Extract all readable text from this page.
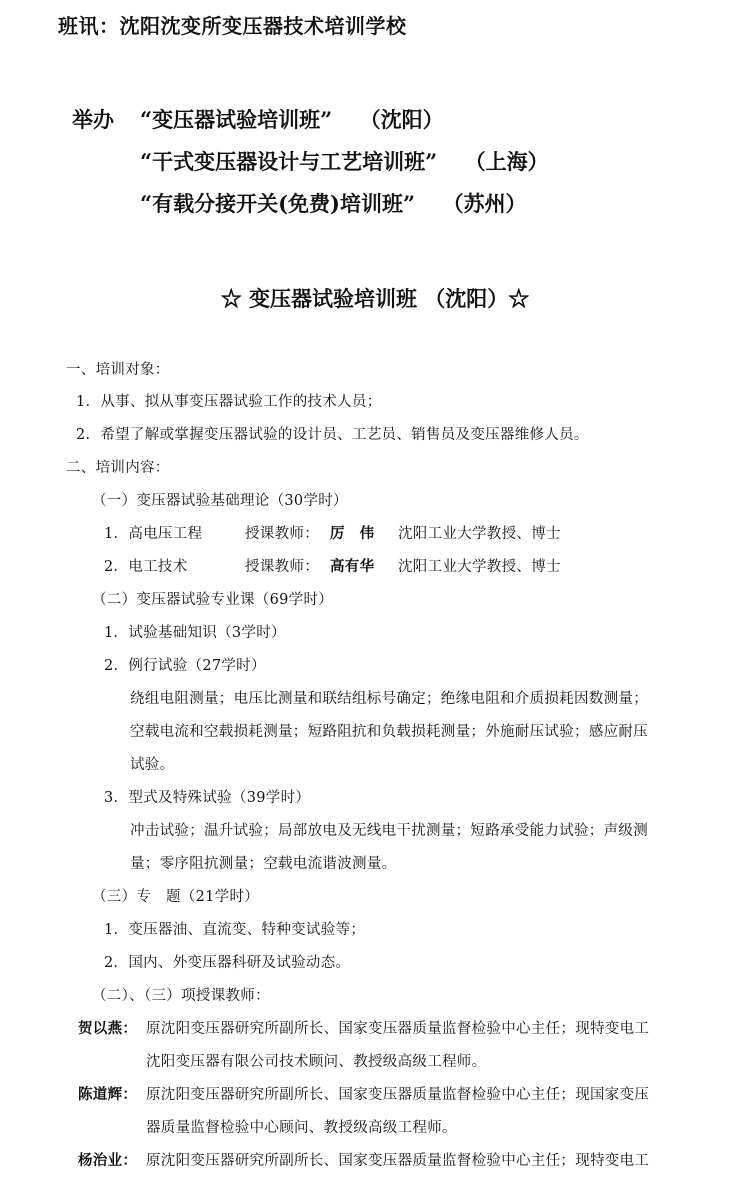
班讯：沈阳沈变所变压器技术培训学校
举办 “变压器试验培训班” （沈阳）
“干式变压器设计与工艺培训班” （上海）
“有载分接开关(免费)培训班” （苏州）
☆ 变压器试验培训班 （沈阳）☆
一、培训对象：
1．从事、拟从事变压器试验工作的技术人员；
2．希望了解或掌握变压器试验的设计员、工艺员、销售员及变压器维修人员。
二、培训内容：
（一）变压器试验基础理论（30学时）
1．高电压工程	授课教师： 厉　伟 沈阳工业大学教授、博士
2．电工技术	授课教师： 高有华 沈阳工业大学教授、博士
（二）变压器试验专业课（69学时）
1．试验基础知识（3学时）
2．例行试验（27学时）
绕组电阻测量；电压比测量和联结组标号确定；绝缘电阻和介质损耗因数测量；
空载电流和空载损耗测量；短路阻抗和负载损耗测量；外施耐压试验；感应耐压
试验。
3．型式及特殊试验（39学时）
冲击试验；温升试验；局部放电及无线电干扰测量；短路承受能力试验；声级测
量；零序阻抗测量；空载电流谐波测量。
（三）专　题（21学时）
1．变压器油、直流变、特种变试验等；
2．国内、外变压器科研及试验动态。
（二）、（三）项授课教师：
贺以燕： 原沈阳变压器研究所副所长、国家变压器质量监督检验中心主任；现特变电工
沈阳变压器有限公司技术顾问、教授级高级工程师。
陈道辉： 原沈阳变压器研究所副所长、国家变压器质量监督检验中心主任；现国家变压
器质量监督检验中心顾问、教授级高级工程师。
杨治业： 原沈阳变压器研究所副所长、国家变压器质量监督检验中心主任；现特变电工
